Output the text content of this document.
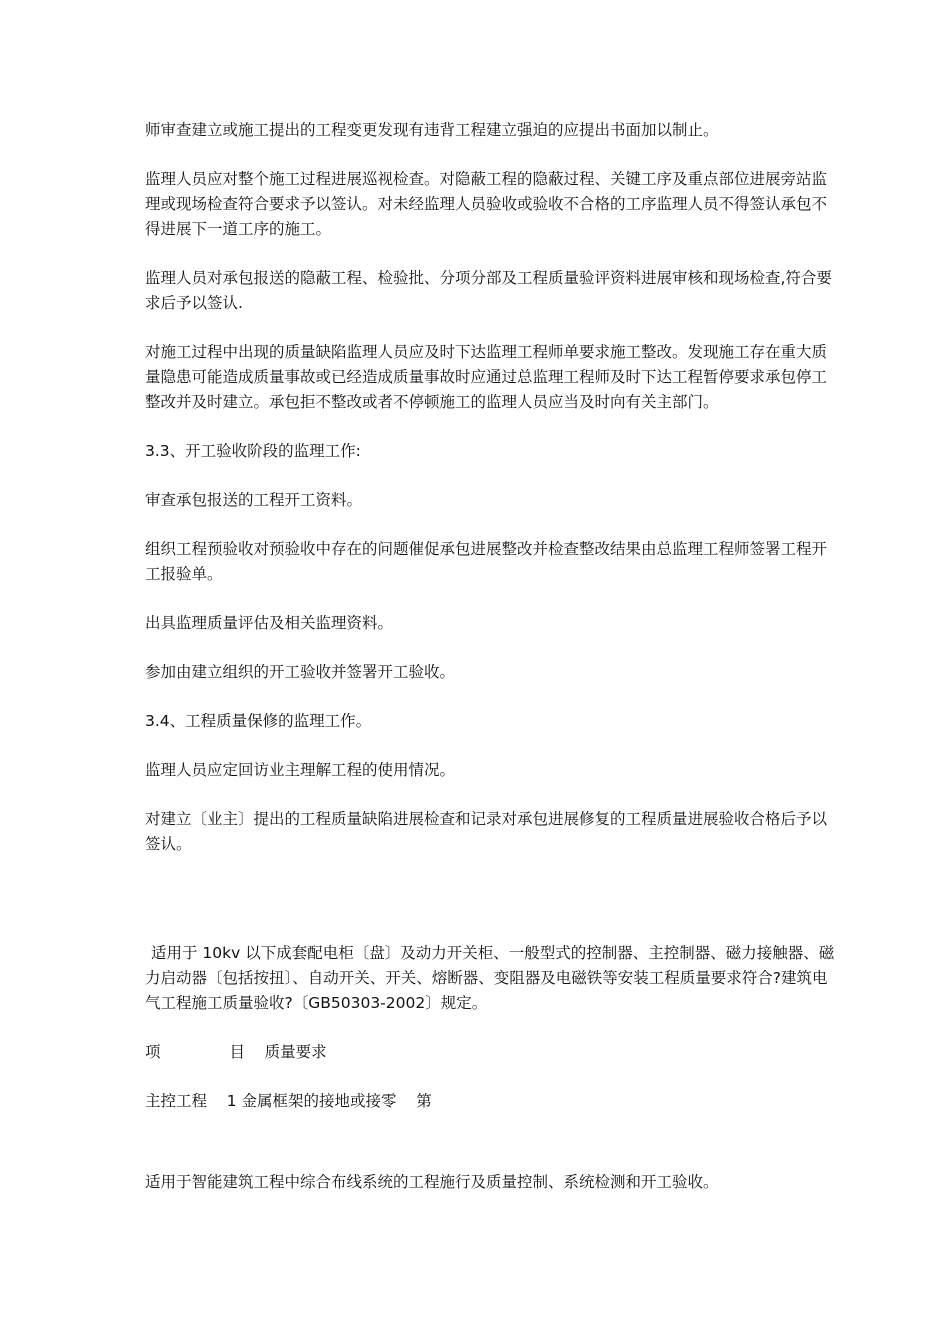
师审查建立或施工提出的工程变更发现有违背工程建立强迫的应提出书面加以制止。

监理人员应对整个施工过程进展巡视检查。对隐蔽工程的隐蔽过程、关键工序及重点部位进展旁站监理或现场检查符合要求予以签认。对未经监理人员验收或验收不合格的工序监理人员不得签认承包不得进展下一道工序的施工。

监理人员对承包报送的隐蔽工程、检验批、分项分部及工程质量验评资料进展审核和现场检查,符合要求后予以签认.

对施工过程中出现的质量缺陷监理人员应及时下达监理工程师单要求施工整改。发现施工存在重大质量隐患可能造成质量事故或已经造成质量事故时应通过总监理工程师及时下达工程暂停要求承包停工整改并及时建立。承包拒不整改或者不停顿施工的监理人员应当及时向有关主部门。

3.3、开工验收阶段的监理工作:

审查承包报送的工程开工资料。

组织工程预验收对预验收中存在的问题催促承包进展整改并检查整改结果由总监理工程师签署工程开工报验单。

出具监理质量评估及相关监理资料。

参加由建立组织的开工验收并签署开工验收。

3.4、工程质量保修的监理工作。

监理人员应定回访业主理解工程的使用情况。

对建立〔业主〕提出的工程质量缺陷进展检查和记录对承包进展修复的工程质量进展验收合格后予以签认。

适用于 10kv 以下成套配电柜〔盘〕及动力开关柜、一般型式的控制器、主控制器、磁力接触器、磁力启动器〔包括按扭〕、自动开关、开关、熔断器、变阻器及电磁铁等安装工程质量要求符合?建筑电气工程施工质量验收?〔GB50303-2002〕规定。

项              目    质量要求

主控工程    1 金属框架的接地或接零    第

适用于智能建筑工程中综合布线系统的工程施行及质量控制、系统检测和开工验收。
